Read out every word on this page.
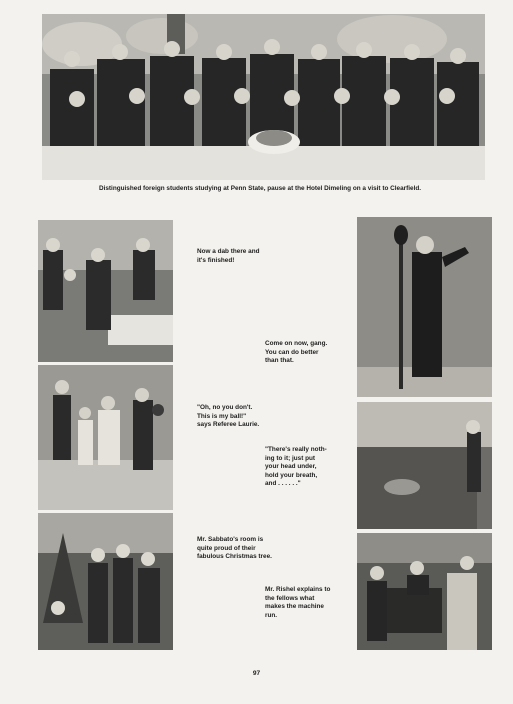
Distinguished foreign students studying at Penn State, pause at the Hotel Dimeling on a visit to Clearfield.
Now a dab there and
it's finished!
Come on now, gang.
You can do better
than that.
"Oh, no you don't.
This is my ball!"
says Referee Laurie.
"There's really noth-
ing to it; just put
your head under,
hold your breath,
and . . . . . ."
Mr. Sabbato's room is
quite proud of their
fabulous Christmas tree.
Mr. Rishel explains to
the fellows what
makes the machine
run.
97
